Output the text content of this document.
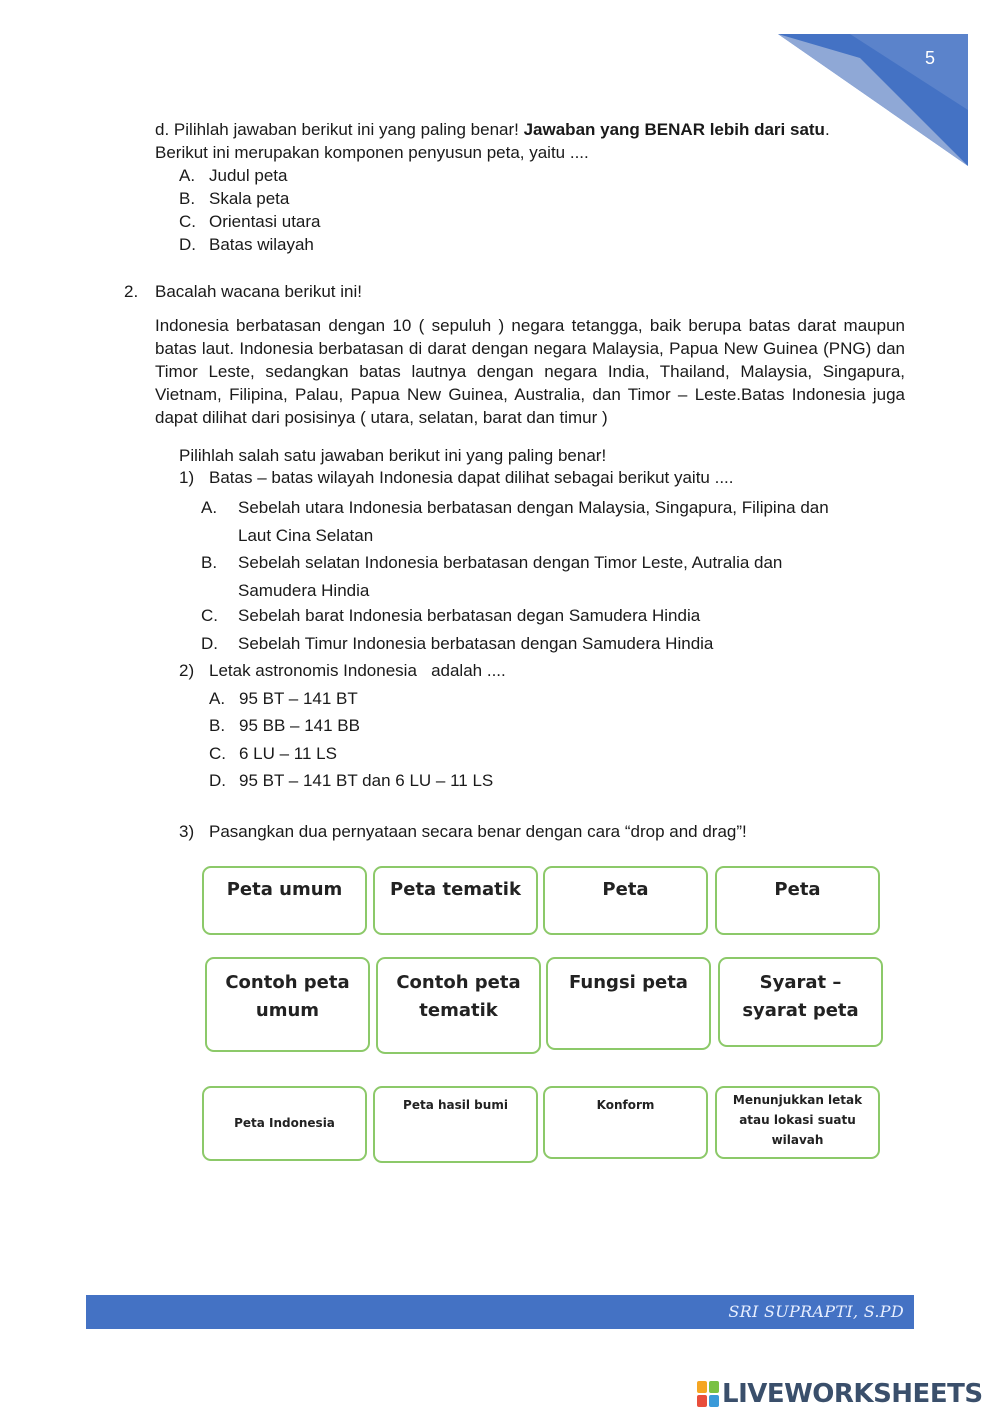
5
d. Pilihlah jawaban berikut ini yang paling benar! Jawaban yang BENAR lebih dari satu.
Berikut ini merupakan komponen penyusun peta, yaitu ....
A. Judul peta
B. Skala peta
C. Orientasi utara
D. Batas wilayah
2. Bacalah wacana berikut ini!
Indonesia berbatasan dengan 10 ( sepuluh ) negara tetangga, baik berupa batas darat maupun batas laut. Indonesia berbatasan di darat dengan negara Malaysia, Papua New Guinea (PNG) dan Timor Leste, sedangkan batas lautnya dengan negara India, Thailand, Malaysia, Singapura, Vietnam, Filipina, Palau, Papua New Guinea, Australia, dan Timor – Leste.Batas Indonesia juga dapat dilihat dari posisinya ( utara, selatan, barat dan timur )
Pilihlah salah satu jawaban berikut ini yang paling benar!
1) Batas – batas wilayah Indonesia dapat dilihat sebagai berikut yaitu ....
A. Sebelah utara Indonesia berbatasan dengan Malaysia, Singapura, Filipina dan
Laut Cina Selatan
B. Sebelah selatan Indonesia berbatasan dengan Timor Leste, Autralia dan
Samudera Hindia
C. Sebelah barat Indonesia berbatasan degan Samudera Hindia
D. Sebelah Timur Indonesia berbatasan dengan Samudera Hindia
2) Letak astronomis Indonesia   adalah ....
A. 95 BT – 141 BT
B. 95 BB – 141 BB
C. 6 LU – 11 LS
D. 95 BT – 141 BT dan 6 LU – 11 LS
3) Pasangkan dua pernyataan secara benar dengan cara “drop and drag”!
Peta umum	Peta tematik	Peta	Peta
Contoh peta
umum
Contoh peta
tematik
Fungsi peta	Syarat –
syarat peta
Peta Indonesia
Peta hasil bumi	Konform	Menunjukkan letak
atau lokasi suatu
wilavah
SRI SUPRAPTI, S.PD
LIVEWORKSHEETS
